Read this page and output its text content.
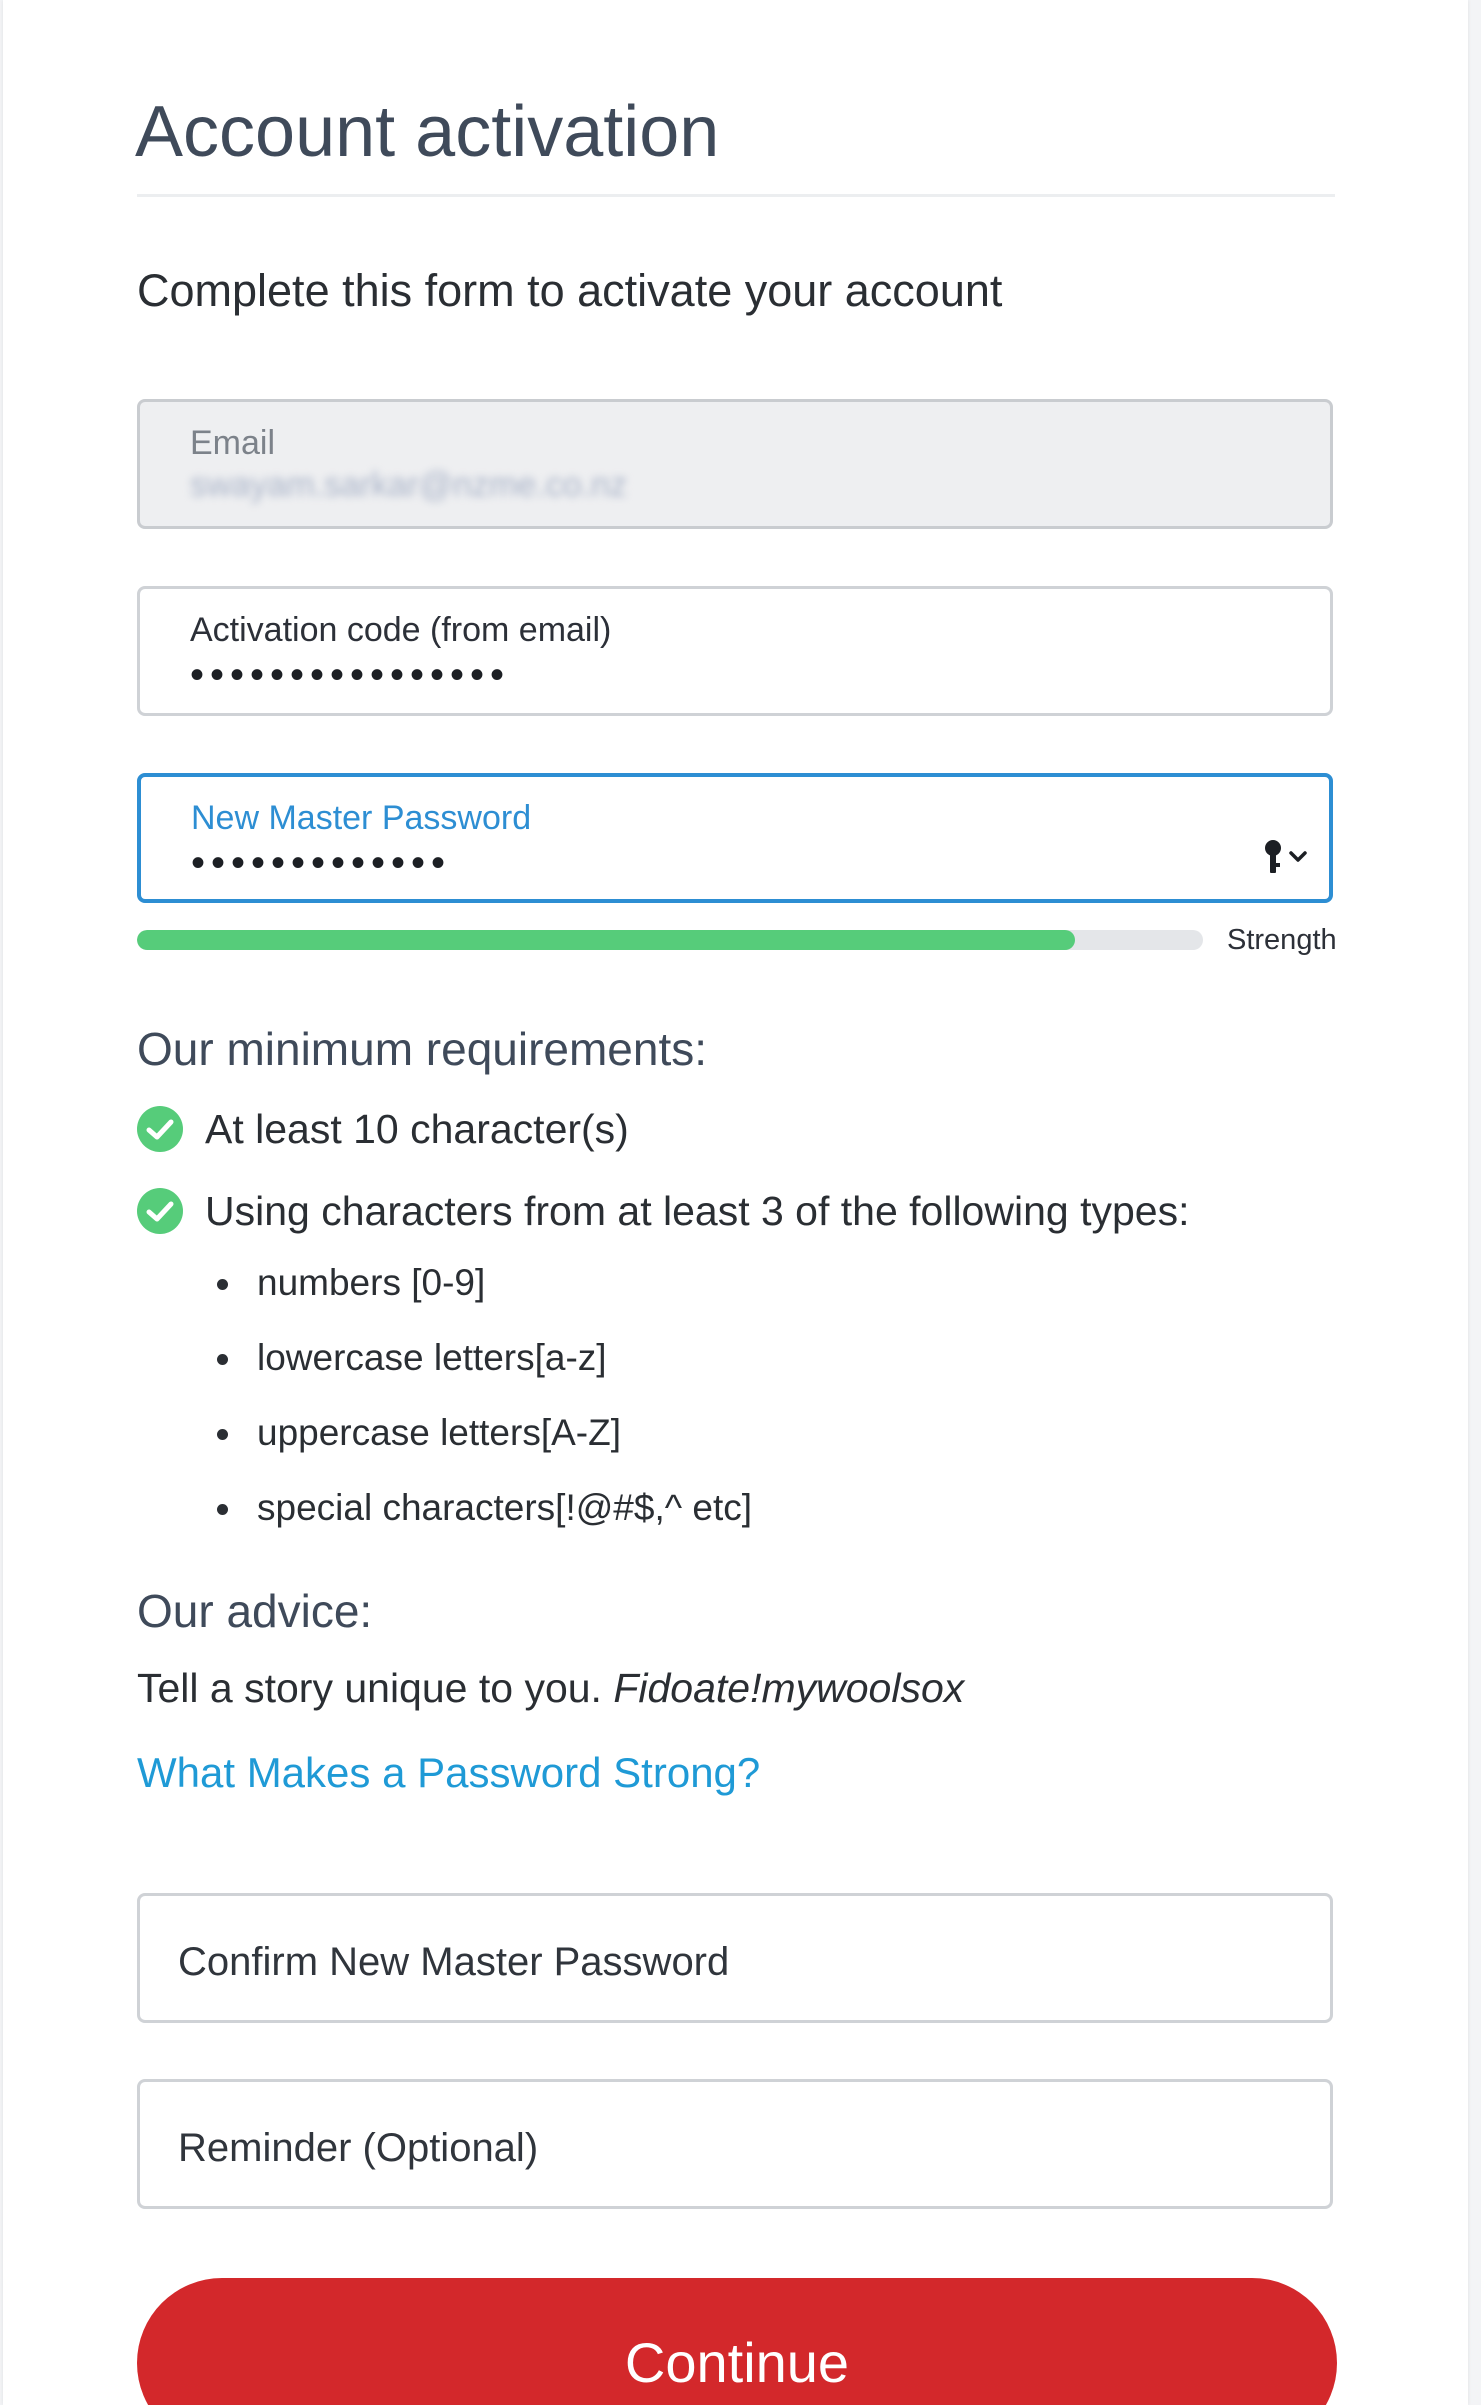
Account activation
Complete this form to activate your account
Email
swayam.sarkar@nzme.co.nz
Activation code (from email)
••••••••••••••••
New Master Password
•••••••••••••
Strength
Our minimum requirements:
At least 10 character(s)
Using characters from at least 3 of the following types:
numbers [0-9]
lowercase letters[a-z]
uppercase letters[A-Z]
special characters[!@#$,^ etc]
Our advice:
Tell a story unique to you. Fidoate!mywoolsox
What Makes a Password Strong?
Confirm New Master Password
Reminder (Optional)
Continue
